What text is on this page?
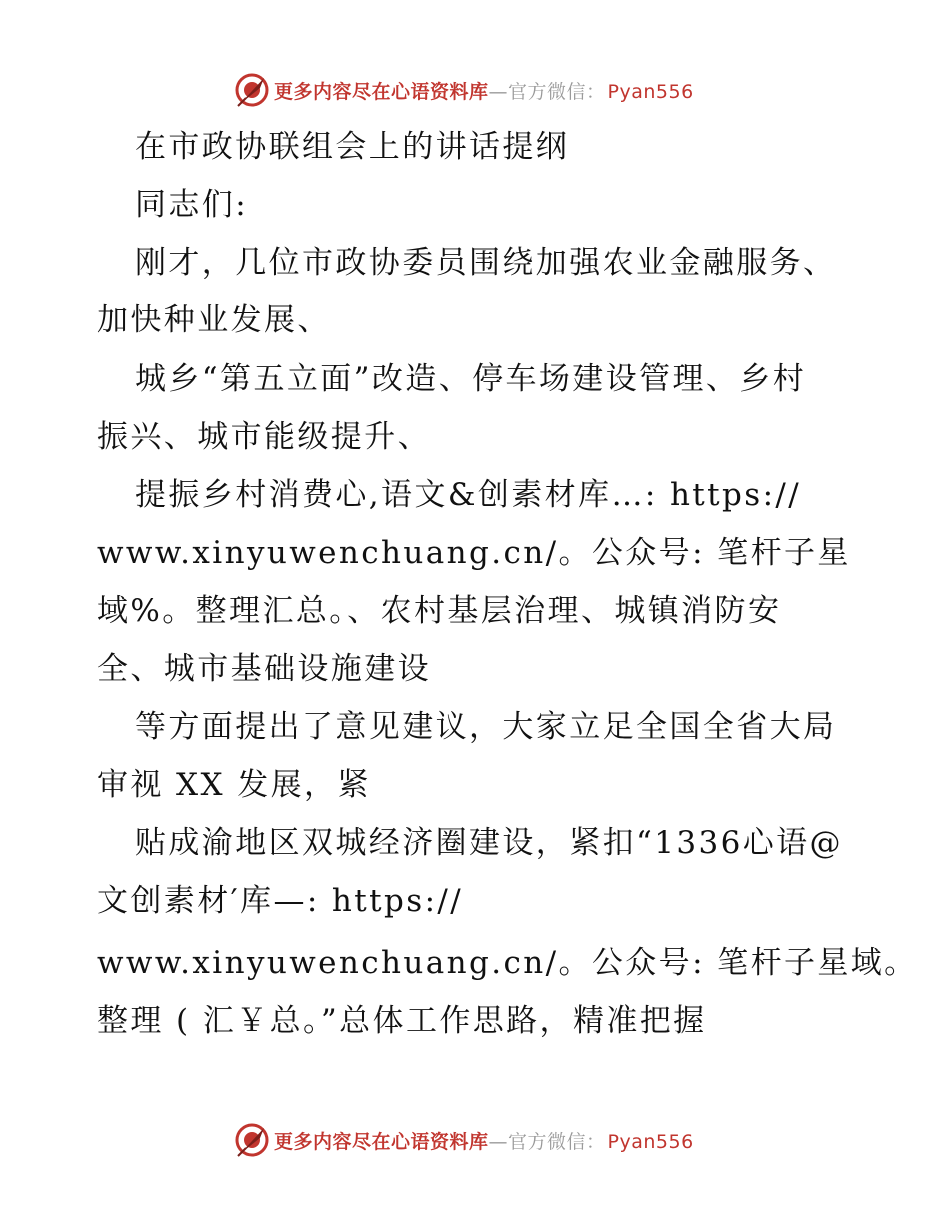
更多内容尽在心语资料库—官方微信： Pyan556
在市政协联组会上的讲话提纲
同志们:
刚才，几位市政协委员围绕加强农业金融服务、
加快种业发展、
城乡“第五立面”改造、停车场建设管理、乡村
振兴、城市能级提升、
提振乡村消费心,语文&创素材库…: https://
www.xinyuwenchuang.cn/。公众号: 笔杆子星
域%。整理汇总。、农村基层治理、城镇消防安
全、城市基础设施建设
等方面提出了意见建议，大家立足全国全省大局
审视 XX 发展，紧
贴成渝地区双城经济圈建设，紧扣“1336心语@
文创素材′库—: https://
www.xinyuwenchuang.cn/。公众号: 笔杆子星域。
整理 ( 汇￥总。”总体工作思路，精准把握
更多内容尽在心语资料库—官方微信： Pyan556
